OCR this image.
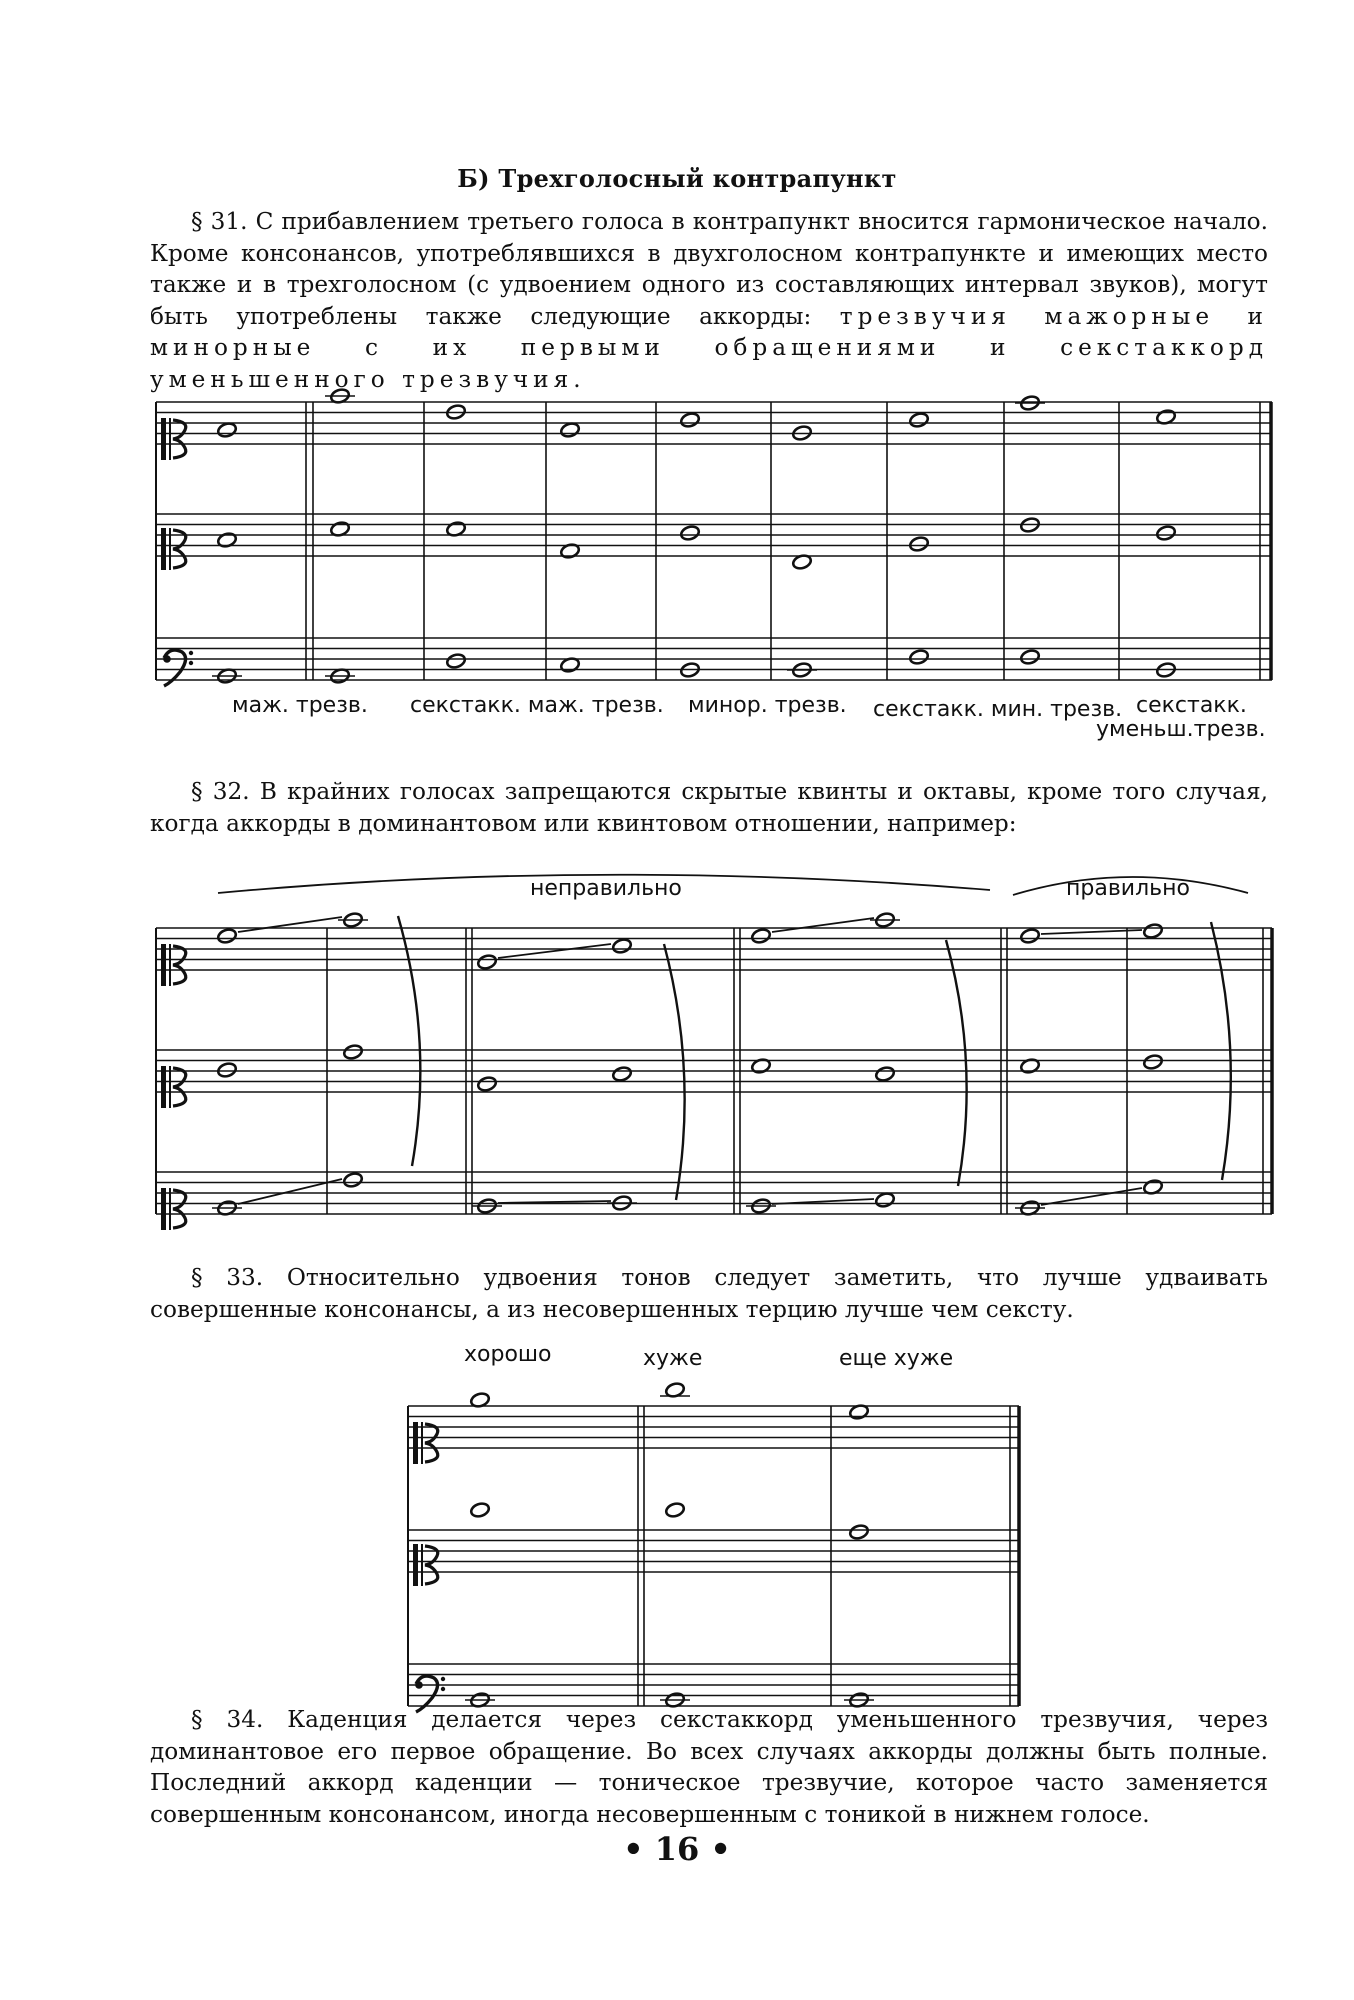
Б) Трехголосный контрапункт

§ 31. С прибавлением третьего голоса в контрапункт вносится гармоническое начало. Кроме консонансов, употреблявшихся в двухголосном контрапункте и имеющих место также и в трехголосном (с удвоением одного из составляющих интервал звуков), могут быть употреблены также следующие аккорды: трезвучия мажорные и минорные с их первыми обращениями и секстаккорд уменьшенного трезвучия.

маж. трезв. секстакк. маж. трезв. минор. трезв. секстакк. мин. трезв. секстакк.
уменьш.трезв.

§ 32. В крайних голосах запрещаются скрытые квинты и октавы, кроме того случая, когда аккорды в доминантовом или квинтовом отношении, например:

неправильно	правильно

§ 33. Относительно удвоения тонов следует заметить, что лучше удваивать совершенные консонансы, а из несовершенных терцию лучше чем сексту.

хорошо	хуже	еще хуже

§ 34. Каденция делается через секстаккорд уменьшенного трезвучия, через доминантовое его первое обращение. Во всех случаях аккорды должны быть полные. Последний аккорд каденции — тоническое трезвучие, которое часто заменяется совершенным консонансом, иногда несовершенным с тоникой в нижнем голосе.

• 16 •
